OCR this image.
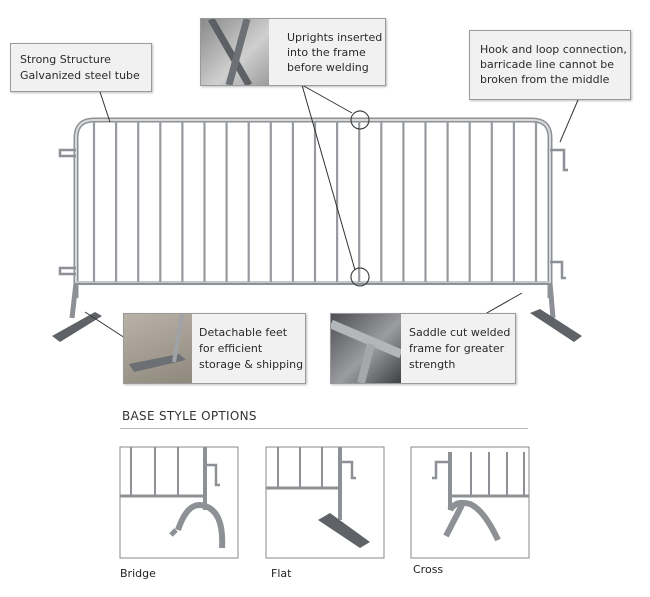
Strong Structure
Galvanized steel tube
Uprights inserted
into the frame
before welding
Hook and loop connection,
barricade line cannot be
broken from the middle
Detachable feet
for efficient
storage & shipping
Saddle cut welded
frame for greater
strength
BASE STYLE OPTIONS
Bridge	Flat	Cross
